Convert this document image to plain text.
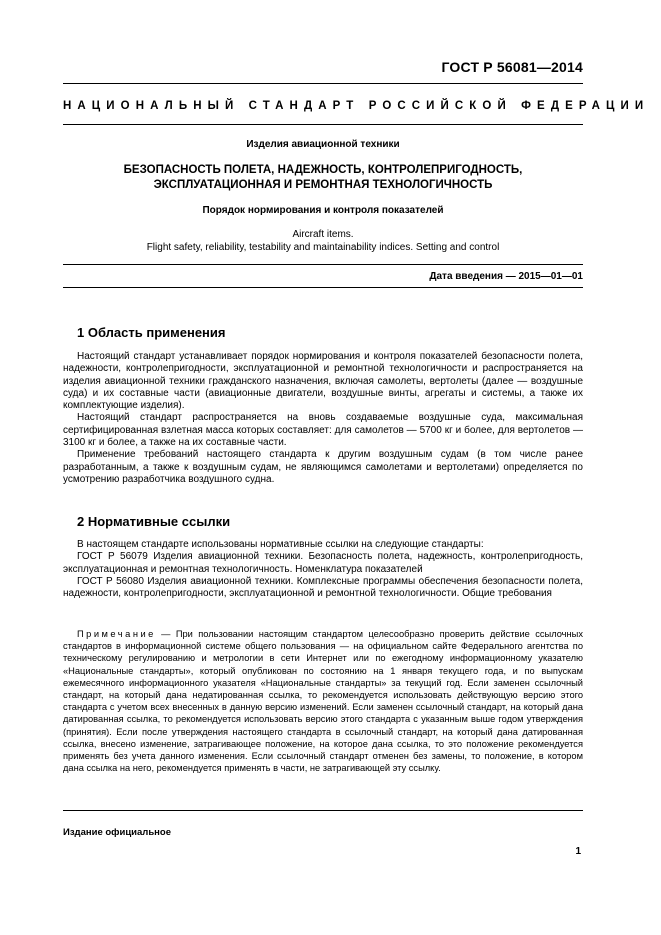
ГОСТ Р 56081—2014
НАЦИОНАЛЬНЫЙ СТАНДАРТ РОССИЙСКОЙ ФЕДЕРАЦИИ
Изделия авиационной техники
БЕЗОПАСНОСТЬ ПОЛЕТА, НАДЕЖНОСТЬ, КОНТРОЛЕПРИГОДНОСТЬ,
ЭКСПЛУАТАЦИОННАЯ И РЕМОНТНАЯ ТЕХНОЛОГИЧНОСТЬ
Порядок нормирования и контроля показателей
Aircraft items.
Flight safety, reliability, testability and maintainability indices. Setting and control
Дата введения — 2015—01—01
1 Область применения

Настоящий стандарт устанавливает порядок нормирования и контроля показателей безопасности полета, надежности, контролепригодности, эксплуатационной и ремонтной технологичности и распространяется на изделия авиационной техники гражданского назначения, включая самолеты, вертолеты (далее — воздушные суда) и их составные части (авиационные двигатели, воздушные винты, агрегаты и системы, а также их комплектующие изделия).

Настоящий стандарт распространяется на вновь создаваемые воздушные суда, максимальная сертифицированная взлетная масса которых составляет: для самолетов — 5700 кг и более, для вертолетов — 3100 кг и более, а также на их составные части.

Применение требований настоящего стандарта к другим воздушным судам (в том числе ранее разработанным, а также к воздушным судам, не являющимся самолетами и вертолетами) определяется по усмотрению разработчика воздушного судна.

2 Нормативные ссылки

В настоящем стандарте использованы нормативные ссылки на следующие стандарты:

ГОСТ Р 56079 Изделия авиационной техники. Безопасность полета, надежность, контролепригодность, эксплуатационная и ремонтная технологичность. Номенклатура показателей

ГОСТ Р 56080 Изделия авиационной техники. Комплексные программы обеспечения безопасности полета, надежности, контролепригодности, эксплуатационной и ремонтной технологичности. Общие требования

Примечание — При пользовании настоящим стандартом целесообразно проверить действие ссылочных стандартов в информационной системе общего пользования — на официальном сайте Федерального агентства по техническому регулированию и метрологии в сети Интернет или по ежегодному информационному указателю «Национальные стандарты», который опубликован по состоянию на 1 января текущего года, и по выпускам ежемесячного информационного указателя «Национальные стандарты» за текущий год. Если заменен ссылочный стандарт, на который дана недатированная ссылка, то рекомендуется использовать действующую версию этого стандарта с учетом всех внесенных в данную версию изменений. Если заменен ссылочный стандарт, на который дана датированная ссылка, то рекомендуется использовать версию этого стандарта с указанным выше годом утверждения (принятия). Если после утверждения настоящего стандарта в ссылочный стандарт, на который дана датированная ссылка, внесено изменение, затрагивающее положение, на которое дана ссылка, то это положение рекомендуется применять без учета данного изменения. Если ссылочный стандарт отменен без замены, то положение, в котором дана ссылка на него, рекомендуется применять в части, не затрагивающей эту ссылку.

Издание официальное
1
